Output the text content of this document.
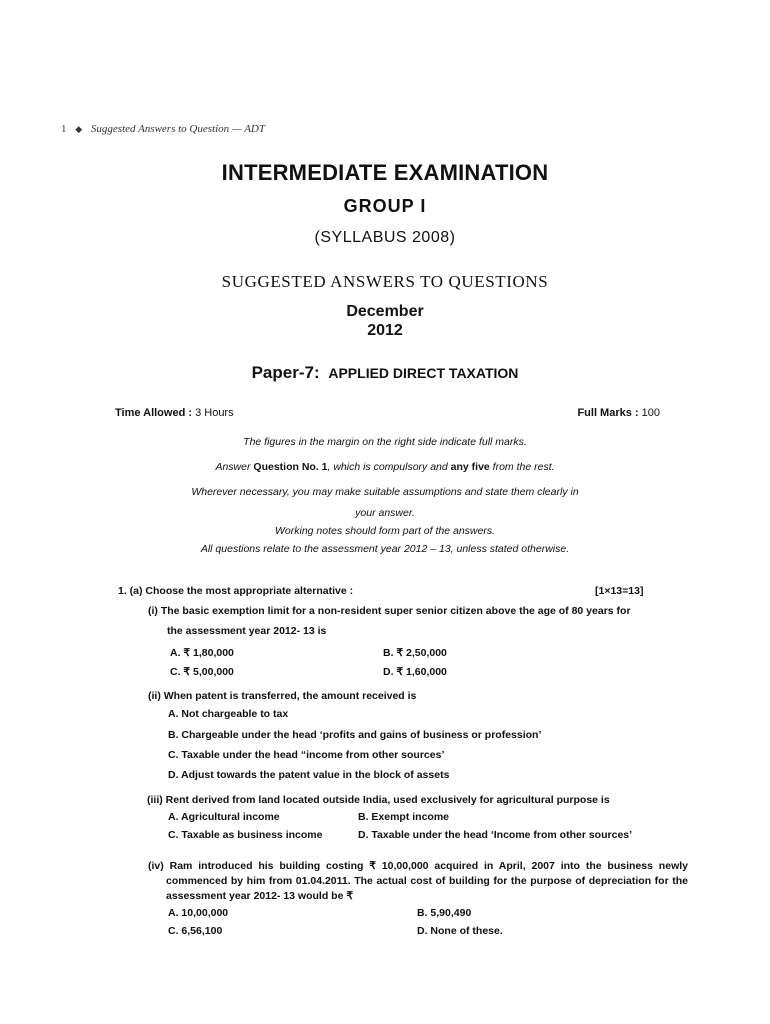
1 ◆ Suggested Answers to Question — ADT
INTERMEDIATE EXAMINATION
GROUP I
(SYLLABUS 2008)
SUGGESTED ANSWERS TO QUESTIONS
December
2012
Paper-7: APPLIED DIRECT TAXATION
Time Allowed : 3 Hours	Full Marks : 100
The figures in the margin on the right side indicate full marks.
Answer Question No. 1, which is compulsory and any five from the rest.
Wherever necessary, you may make suitable assumptions and state them clearly in
your answer.
Working notes should form part of the answers.
All questions relate to the assessment year 2012 – 13, unless stated otherwise.
1. (a) Choose the most appropriate alternative :	[1×13=13]
(i) The basic exemption limit for a non-resident super senior citizen above the age of 80 years for
the assessment year 2012- 13 is
A. ₹ 1,80,000	B. ₹ 2,50,000
C. ₹ 5,00,000	D. ₹ 1,60,000
(ii) When patent is transferred, the amount received is
A. Not chargeable to tax
B. Chargeable under the head ‘profits and gains of business or profession’
C. Taxable under the head “income from other sources’
D. Adjust towards the patent value in the block of assets
(iii) Rent derived from land located outside India, used exclusively for agricultural purpose is
A. Agricultural income	B. Exempt income
C. Taxable as business income	D. Taxable under the head ‘Income from other sources’
(iv) Ram introduced his building costing ₹ 10,00,000 acquired in April, 2007 into the business newly commenced by him from 01.04.2011. The actual cost of building for the purpose of depreciation for the assessment year 2012- 13 would be ₹
A. 10,00,000	B. 5,90,490
C. 6,56,100	D. None of these.
